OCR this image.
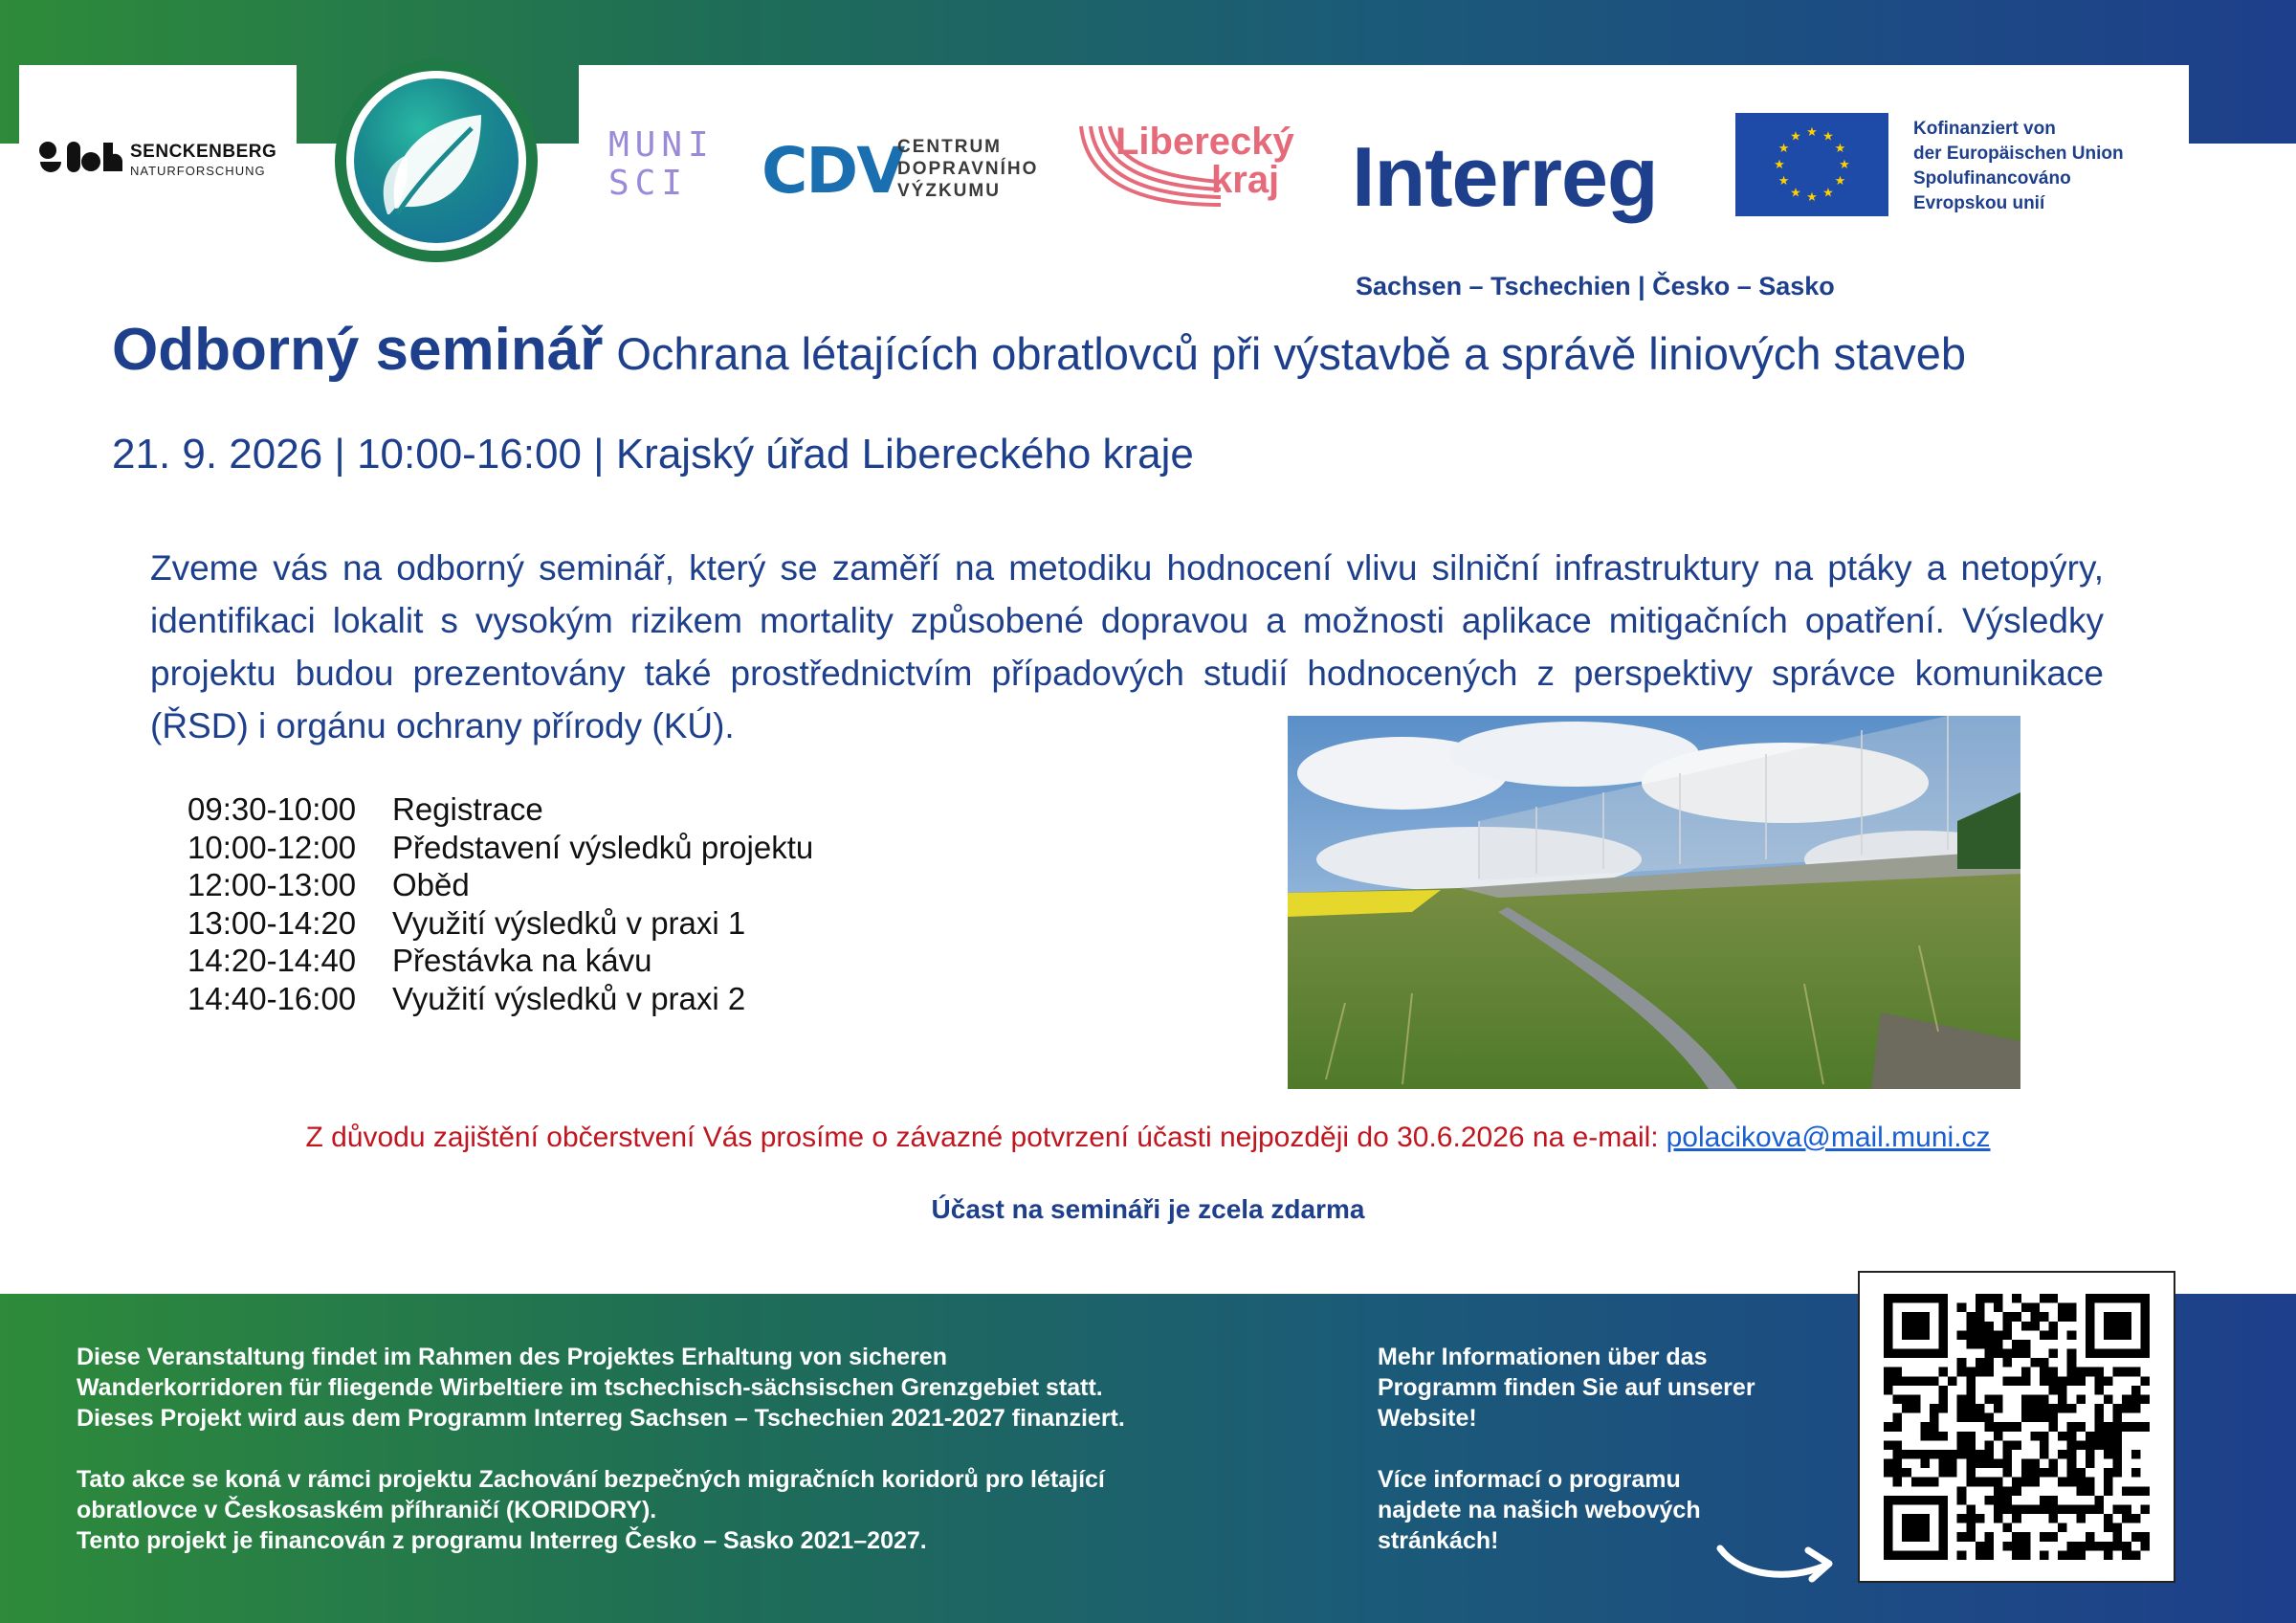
SENCKENBERG
NATURFORSCHUNG
MUNI
SCI	CDV
CENTRUM
DOPRAVNÍHO
VÝZKUMU
Liberecký
kraj Interreg	★
★
★
★
★
★
★
★
★ ★ ★
★
Kofinanziert von
der Europäischen Union
Spolufinancováno
Evropskou unií
Sachsen – Tschechien | Česko – Sasko
Odborný seminář Ochrana létajících obratlovců při výstavbě a správě liniových staveb
21. 9. 2026 | 10:00-16:00 | Krajský úřad Libereckého kraje
Zveme vás na odborný seminář, který se zaměří na metodiku hodnocení vlivu silniční infrastruktury na ptáky a netopýry, identifikaci lokalit s vysokým rizikem mortality způsobené dopravou a možnosti aplikace mitigačních opatření. Výsledky projektu budou prezentovány také prostřednictvím případových studií hodnocených z perspektivy správce komunikace (ŘSD) i orgánu ochrany přírody (KÚ).
09:30-10:00 Registrace
10:00-12:00 Představení výsledků projektu
12:00-13:00 Oběd
13:00-14:20 Využití výsledků v praxi 1
14:20-14:40 Přestávka na kávu
14:40-16:00 Využití výsledků v praxi 2
Z důvodu zajištění občerstvení Vás prosíme o závazné potvrzení účasti nejpozději do 30.6.2026 na e-mail: polacikova@mail.muni.cz
Účast na semináři je zcela zdarma

Diese Veranstaltung findet im Rahmen des Projektes Erhaltung von sicheren
Wanderkorridoren für fliegende Wirbeltiere im tschechisch-sächsischen Grenzgebiet statt.
Dieses Projekt wird aus dem Programm Interreg Sachsen – Tschechien 2021-2027 finanziert.

Tato akce se koná v rámci projektu Zachování bezpečných migračních koridorů pro létající
obratlovce v Českosaském příhraničí (KORIDORY).
Tento projekt je financován z programu Interreg Česko – Sasko 2021–2027.

Mehr Informationen über das
Programm finden Sie auf unserer
Website!

Více informací o programu
najdete na našich webových
stránkách!
